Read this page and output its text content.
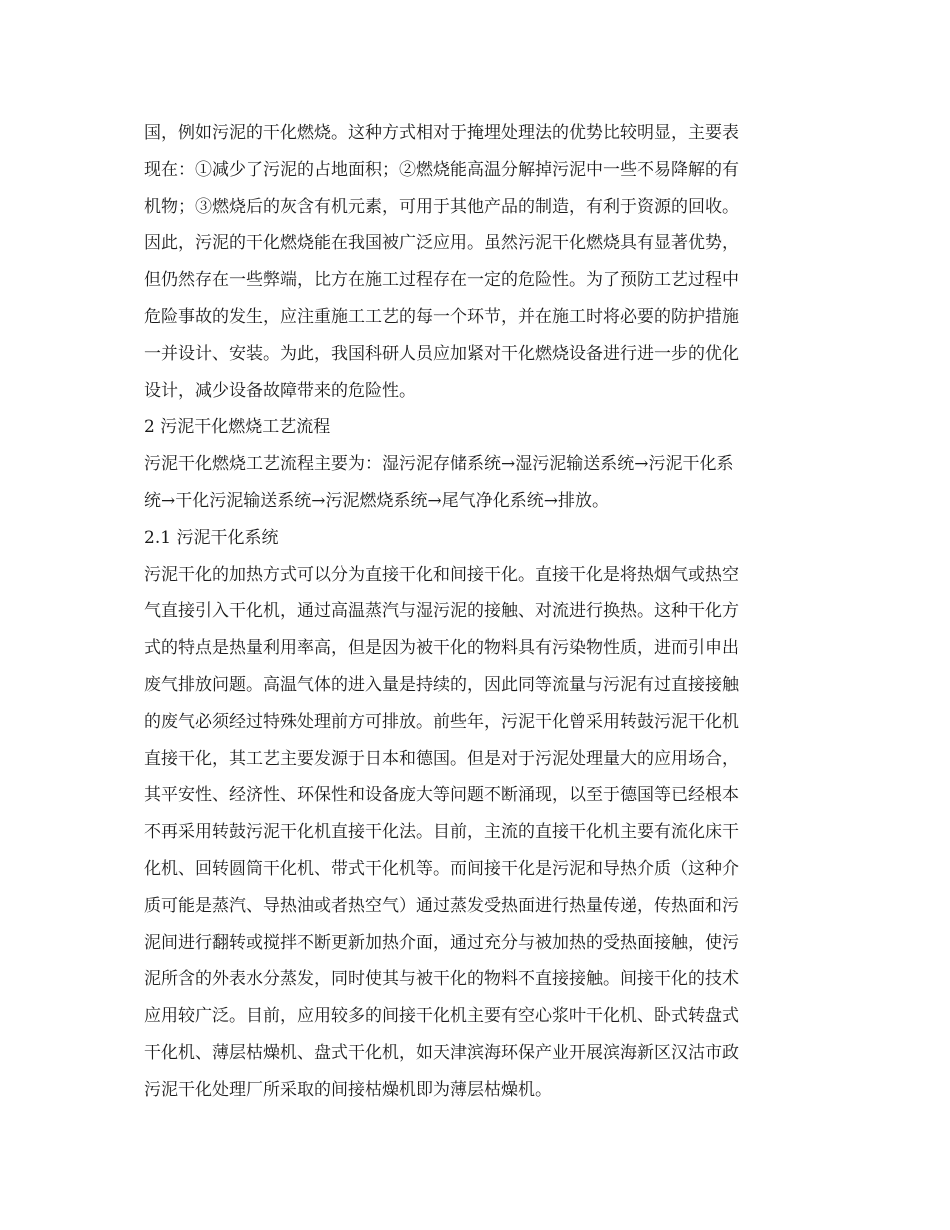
国，例如污泥的干化燃烧。这种方式相对于掩埋处理法的优势比较明显，主要表
现在：①减少了污泥的占地面积；②燃烧能高温分解掉污泥中一些不易降解的有
机物；③燃烧后的灰含有机元素，可用于其他产品的制造，有利于资源的回收。
因此，污泥的干化燃烧能在我国被广泛应用。虽然污泥干化燃烧具有显著优势，
但仍然存在一些弊端，比方在施工过程存在一定的危险性。为了预防工艺过程中
危险事故的发生，应注重施工工艺的每一个环节，并在施工时将必要的防护措施
一并设计、安装。为此，我国科研人员应加紧对干化燃烧设备进行进一步的优化
设计，减少设备故障带来的危险性。
2 污泥干化燃烧工艺流程
污泥干化燃烧工艺流程主要为：湿污泥存储系统→湿污泥输送系统→污泥干化系
统→干化污泥输送系统→污泥燃烧系统→尾气净化系统→排放。
2.1 污泥干化系统
污泥干化的加热方式可以分为直接干化和间接干化。直接干化是将热烟气或热空
气直接引入干化机，通过高温蒸汽与湿污泥的接触、对流进行换热。这种干化方
式的特点是热量利用率高，但是因为被干化的物料具有污染物性质，进而引申出
废气排放问题。高温气体的进入量是持续的，因此同等流量与污泥有过直接接触
的废气必须经过特殊处理前方可排放。前些年，污泥干化曾采用转鼓污泥干化机
直接干化，其工艺主要发源于日本和德国。但是对于污泥处理量大的应用场合，
其平安性、经济性、环保性和设备庞大等问题不断涌现，以至于德国等已经根本
不再采用转鼓污泥干化机直接干化法。目前，主流的直接干化机主要有流化床干
化机、回转圆筒干化机、带式干化机等。而间接干化是污泥和导热介质（这种介
质可能是蒸汽、导热油或者热空气）通过蒸发受热面进行热量传递，传热面和污
泥间进行翻转或搅拌不断更新加热介面，通过充分与被加热的受热面接触，使污
泥所含的外表水分蒸发，同时使其与被干化的物料不直接接触。间接干化的技术
应用较广泛。目前，应用较多的间接干化机主要有空心浆叶干化机、卧式转盘式
干化机、薄层枯燥机、盘式干化机，如天津滨海环保产业开展滨海新区汉沽市政
污泥干化处理厂所采取的间接枯燥机即为薄层枯燥机。
